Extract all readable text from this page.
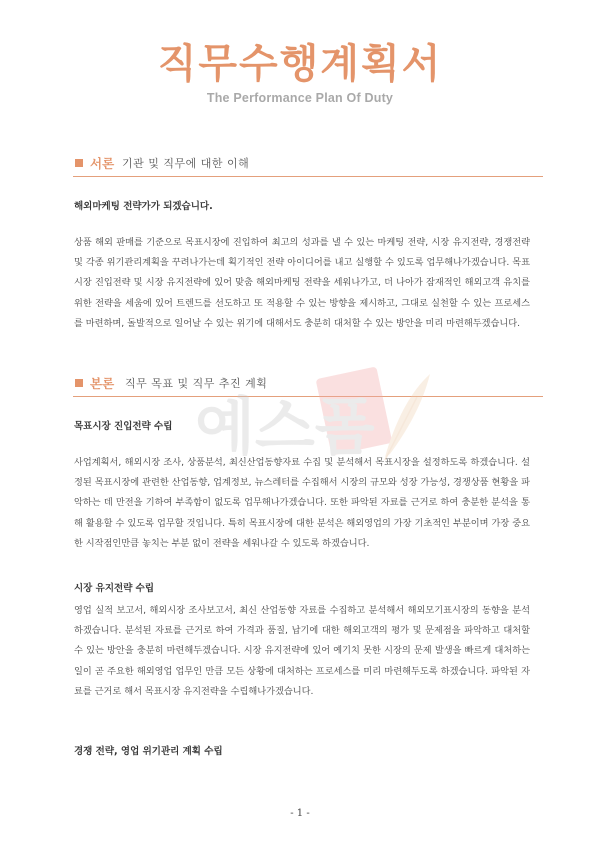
직무수행계획서
The Performance Plan Of Duty
서론 기관 및 직무에 대한 이해
해외마케팅 전략가가 되겠습니다.

상품 해외 판매를 기준으로 목표시장에 진입하여 최고의 성과를 낼 수 있는 마케팅 전략, 시장 유지전략, 경쟁전략 및 각종 위기관리계획을 꾸려나가는데 획기적인 전략 아이디어를 내고 실행할 수 있도록 업무해나가겠습니다. 목표시장 진입전략 및 시장 유지전략에 있어 맞춤 해외마케팅 전략을 세워나가고, 더 나아가 잠재적인 해외고객 유치를 위한 전략을 세움에 있어 트렌드를 선도하고 또 적용할 수 있는 방향을 제시하고, 그대로 실천할 수 있는 프로세스를 마련하며, 돌발적으로 일어날 수 있는 위기에 대해서도 충분히 대처할 수 있는 방안을 미리 마련해두겠습니다.

본론 직무 목표 및 직무 추진 계획
목표시장 진입전략 수립

사업계획서, 해외시장 조사, 상품분석, 최신산업동향자료 수집 및 분석해서 목표시장을 설정하도록 하겠습니다. 설정된 목표시장에 관련한 산업동향, 업계정보, 뉴스레터를 수집해서 시장의 규모와 성장 가능성, 경쟁상품 현황을 파악하는 데 만전을 기하여 부족함이 없도록 업무해나가겠습니다. 또한 파악된 자료를 근거로 하여 충분한 분석을 통해 활용할 수 있도록 업무할 것입니다. 특히 목표시장에 대한 분석은 해외영업의 가장 기초적인 부분이며 가장 중요한 시작점인만큼 놓치는 부분 없이 전략을 세워나갈 수 있도록 하겠습니다.

시장 유지전략 수립

영업 실적 보고서, 해외시장 조사보고서, 최신 산업동향 자료를 수집하고 분석해서 해외모기표시장의 동향을 분석하겠습니다. 분석된 자료를 근거로 하여 가격과 품질, 납기에 대한 해외고객의 평가 및 문제점을 파악하고 대처할 수 있는 방안을 충분히 마련해두겠습니다. 시장 유지전략에 있어 예기치 못한 시장의 문제 발생을 빠르게 대처하는 일이 곧 주요한 해외영업 업무인 만큼 모든 상황에 대처하는 프로세스를 미리 마련해두도록 하겠습니다. 파악된 자료를 근거로 해서 목표시장 유지전략을 수립해나가겠습니다.

경쟁 전략, 영업 위기관리 계획 수립
예스폼
- 1 -
